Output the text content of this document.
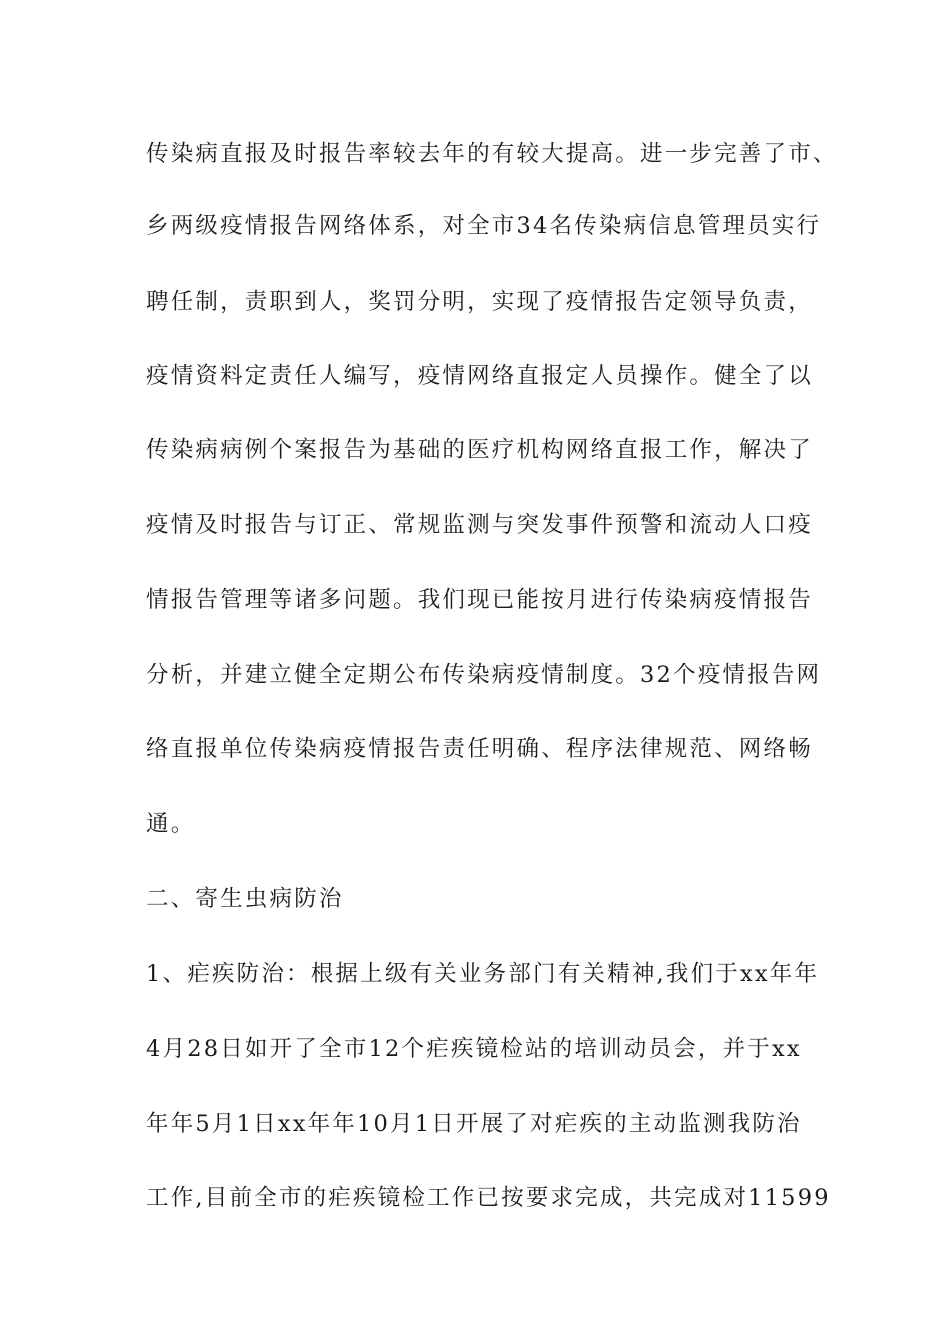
传染病直报及时报告率较去年的有较大提高。进一步完善了市、
乡两级疫情报告网络体系，对全市34名传染病信息管理员实行
聘任制，责职到人，奖罚分明，实现了疫情报告定领导负责，
疫情资料定责任人编写，疫情网络直报定人员操作。健全了以
传染病病例个案报告为基础的医疗机构网络直报工作，解决了
疫情及时报告与订正、常规监测与突发事件预警和流动人口疫
情报告管理等诸多问题。我们现已能按月进行传染病疫情报告
分析，并建立健全定期公布传染病疫情制度。32个疫情报告网
络直报单位传染病疫情报告责任明确、程序法律规范、网络畅
通。
二、寄生虫病防治
1、疟疾防治：根据上级有关业务部门有关精神,我们于xx年年
4月28日如开了全市12个疟疾镜检站的培训动员会，并于xx
年年5月1日xx年年10月1日开展了对疟疾的主动监测我防治
工作,目前全市的疟疾镜检工作已按要求完成，共完成对11599
